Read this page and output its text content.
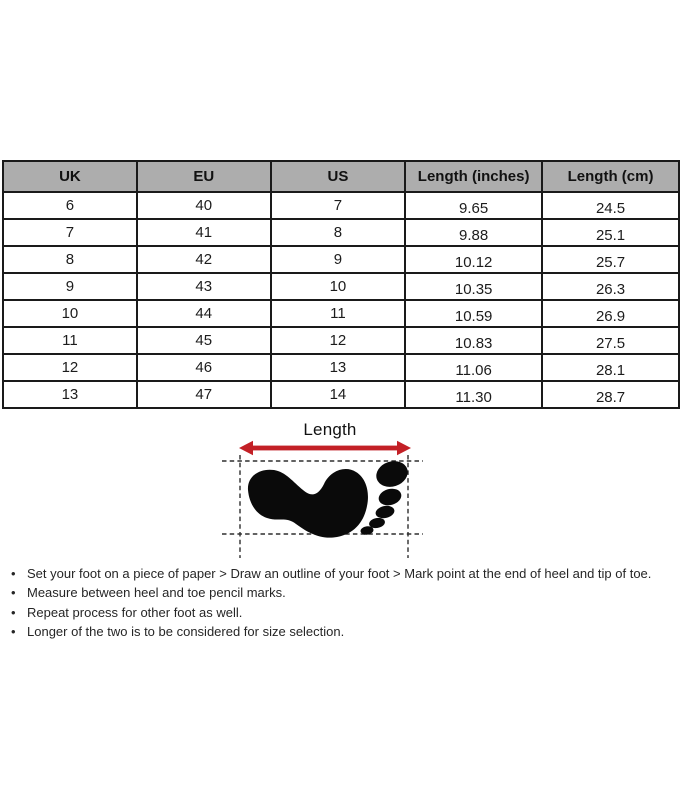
UK	EU	US	Length (inches)	Length (cm)
6	40	7	9.65	24.5
7	41	8	9.88	25.1
8	42	9	10.12	25.7
9	43	10	10.35	26.3
10	44	11	10.59	26.9
11	45	12	10.83	27.5
12	46	13	11.06	28.1
13	47	14	11.30	28.7
Length
• Set your foot on a piece of paper > Draw an outline of your foot > Mark point at the end of heel and tip of toe.
• Measure between heel and toe pencil marks.
• Repeat process for other foot as well.
• Longer of the two is to be considered for size selection.
